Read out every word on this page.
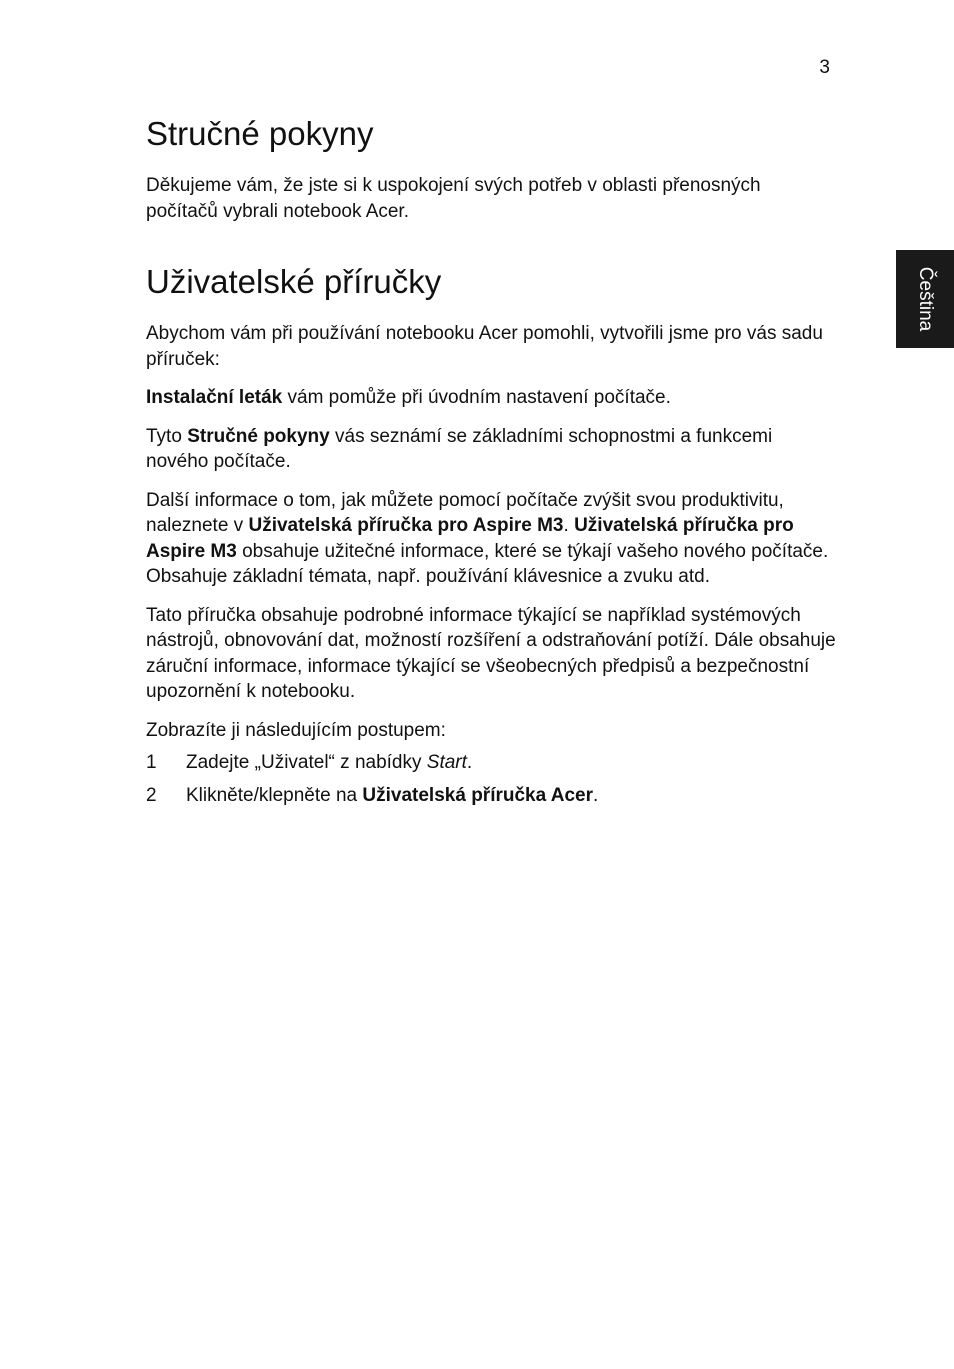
3
Čeština
Stručné pokyny

Děkujeme vám, že jste si k uspokojení svých potřeb v oblasti přenosných počítačů vybrali notebook Acer.

Uživatelské příručky

Abychom vám při používání notebooku Acer pomohli, vytvořili jsme pro vás sadu příruček:

Instalační leták vám pomůže při úvodním nastavení počítače.

Tyto Stručné pokyny vás seznámí se základními schopnostmi a funkcemi nového počítače.

Další informace o tom, jak můžete pomocí počítače zvýšit svou produktivitu, naleznete v Uživatelská příručka pro Aspire M3. Uživatelská příručka pro Aspire M3 obsahuje užitečné informace, které se týkají vašeho nového počítače. Obsahuje základní témata, např. používání klávesnice a zvuku atd.

Tato příručka obsahuje podrobné informace týkající se například systémových nástrojů, obnovování dat, možností rozšíření a odstraňování potíží. Dále obsahuje záruční informace, informace týkající se všeobecných předpisů a bezpečnostní upozornění k notebooku.

Zobrazíte ji následujícím postupem:

1	Zadejte „Uživatel“ z nabídky Start.
2	Klikněte/klepněte na Uživatelská příručka Acer.
